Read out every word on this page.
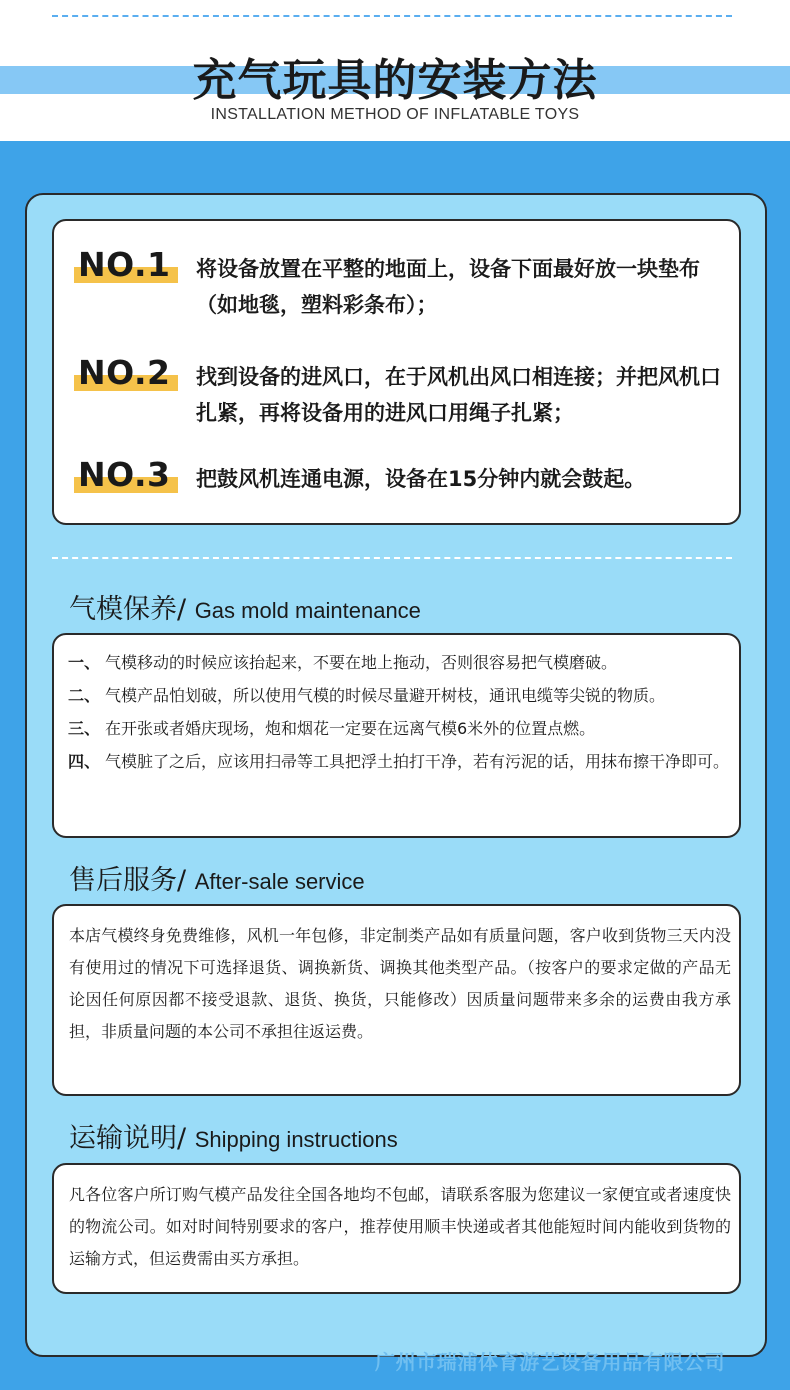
充气玩具的安装方法
INSTALLATION METHOD OF INFLATABLE TOYS
NO.1 将设备放置在平整的地面上，设备下面最好放一块垫布（如地毯，塑料彩条布）；
NO.2 找到设备的进风口，在于风机出风口相连接；并把风机口扎紧，再将设备用的进风口用绳子扎紧；
NO.3 把鼓风机连通电源，设备在15分钟内就会鼓起。
气模保养/ Gas mold maintenance
一、 气模移动的时候应该抬起来，不要在地上拖动，否则很容易把气模磨破。
二、 气模产品怕划破，所以使用气模的时候尽量避开树枝，通讯电缆等尖锐的物质。
三、 在开张或者婚庆现场，炮和烟花一定要在远离气模6米外的位置点燃。
四、 气模脏了之后，应该用扫帚等工具把浮土拍打干净，若有污泥的话，用抹布擦干净即可。
售后服务/ After-sale service

本店气模终身免费维修，风机一年包修，非定制类产品如有质量问题，客户收到货物三天内没有使用过的情况下可选择退货、调换新货、调换其他类型产品。（按客户的要求定做的产品无论因任何原因都不接受退款、退货、换货，只能修改）因质量问题带来多余的运费由我方承担，非质量问题的本公司不承担往返运费。

运输说明/ Shipping instructions

凡各位客户所订购气模产品发往全国各地均不包邮，请联系客服为您建议一家便宜或者速度快的物流公司。如对时间特别要求的客户，推荐使用顺丰快递或者其他能短时间内能收到货物的运输方式，但运费需由买方承担。

广州市瑞浦体育游艺设备用品有限公司
